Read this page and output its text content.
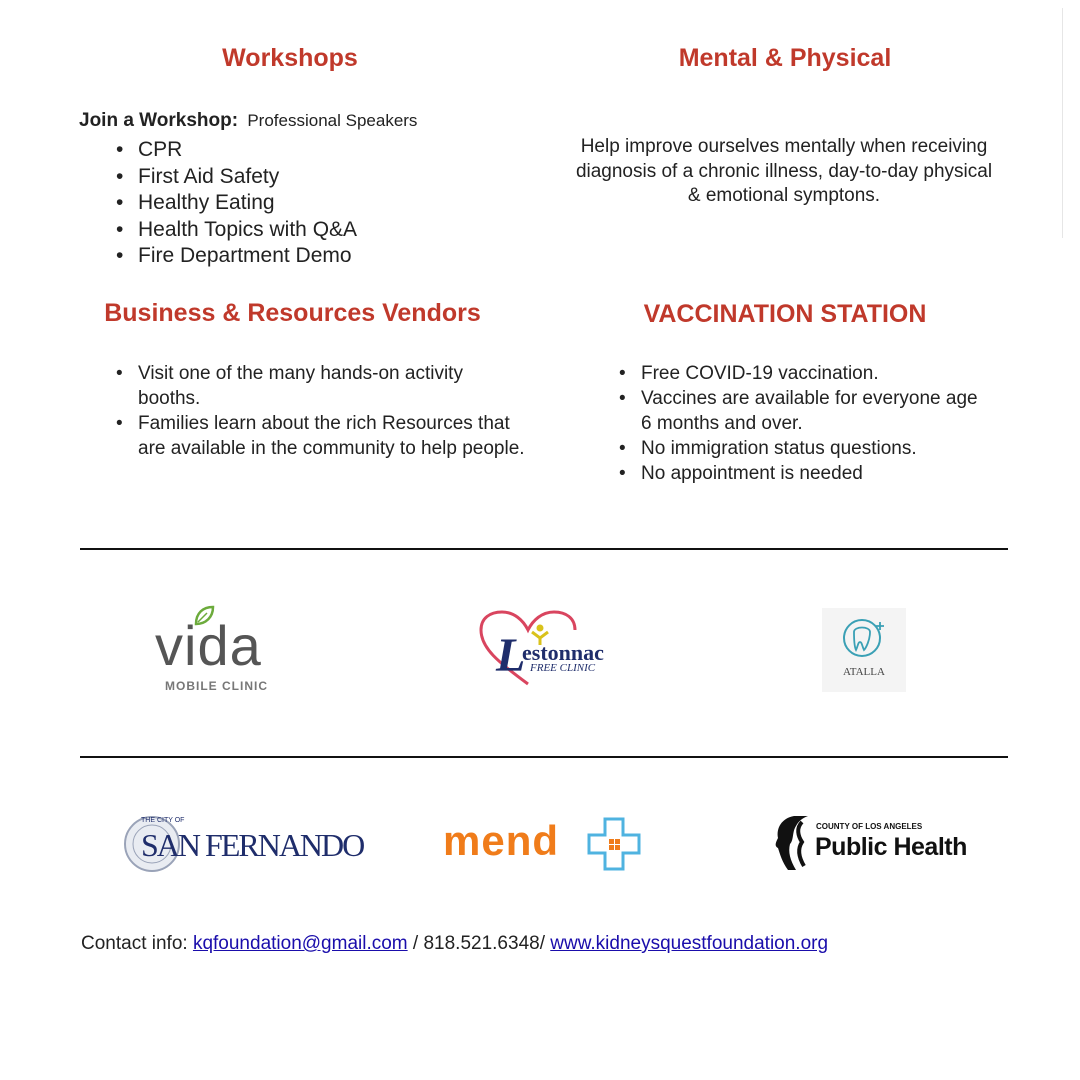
Workshops
Join a Workshop: Professional Speakers
• CPR
• First Aid Safety
• Healthy Eating
• Health Topics with Q&A
• Fire Department Demo
Mental & Physical
Help improve ourselves mentally when receiving diagnosis of a chronic illness, day-to-day physical & emotional symptons.
Business & Resources Vendors
• Visit one of the many hands-on activity booths.
• Families learn about the rich Resources that are available in the community to help people.
VACCINATION STATION
• Free COVID-19 vaccination.
• Vaccines are available for everyone age 6 months and over.
• No immigration status questions.
• No appointment is needed
vida
MOBILE CLINIC
L
estonnac
FREE CLINIC	ATALLA
THE CITY OF
SAN FERNANDO mend	COUNTY OF LOS ANGELES
Public Health
Contact info: kqfoundation@gmail.com / 818.521.6348/ www.kidneysquestfoundation.org
